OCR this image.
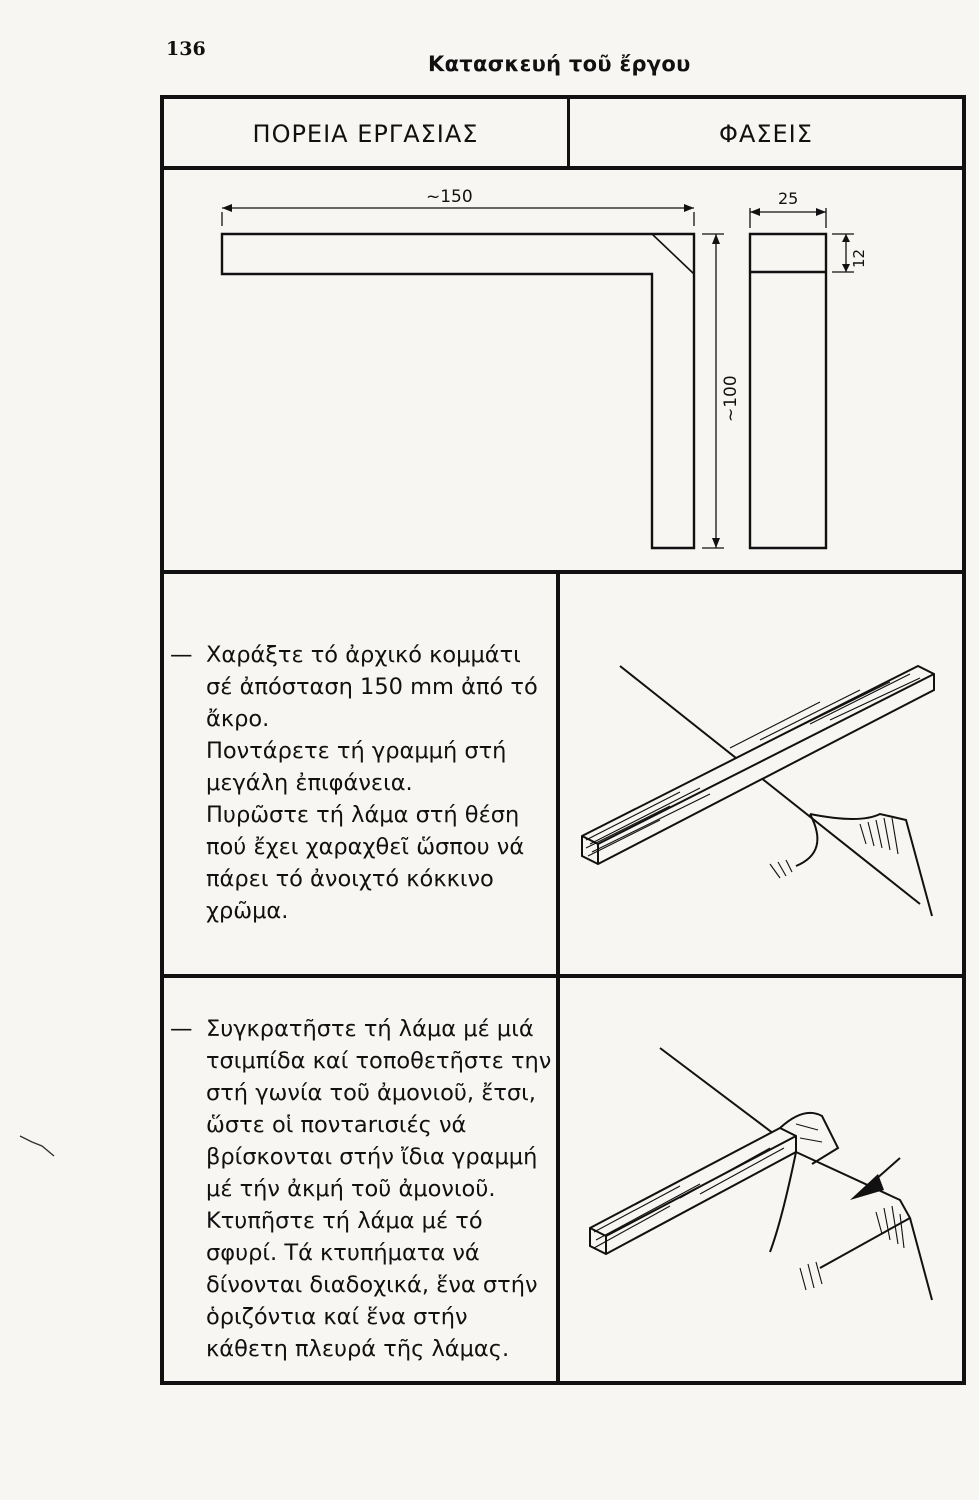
136
Κατασκευή τοῦ ἔργου
ΠΟΡΕΙΑ ΕΡΓΑΣΙΑΣ	ΦΑΣΕΙΣ
~150
~100
25
12

— Χαράξτε τό ἀρχικό κομμάτι σέ ἀπόσταση 150 mm ἀπό τό ἄκρο.

Ποντάρετε τή γραμμή στή μεγάλη ἐπιφάνεια.

Πυρῶστε τή λάμα στή θέση πού ἔχει χαραχθεῖ ὥσπου νά πάρει τό ἀνοιχτό κόκκινο χρῶμα.

— Συγκρατῆστε τή λάμα μέ μιά τσιμπίδα καί τοποθετῆστε την στή γωνία τοῦ ἀμονιοῦ, ἔτσι, ὥστε οἱ ποντarισιές νά βρίσκονται στήν ἴδια γραμμή μέ τήν ἀκμή τοῦ ἀμονιοῦ.

Κτυπῆστε τή λάμα μέ τό σφυρί. Τά κτυπήματα νά δίνονται διαδοχικά, ἕνα στήν ὁριζόντια καί ἕνα στήν κάθετη πλευρά τῆς λάμας.
